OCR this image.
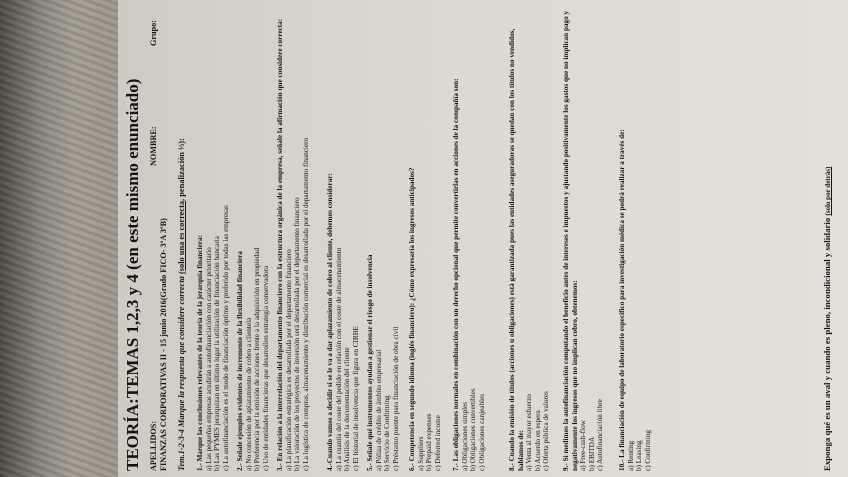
TEORÍA:TEMAS 1,2,3 y 4 (en este mismo enunciado) APELLIDOS:
NOMBRE:
Grupo:
FINANZAS CORPORATIVAS II - 15 junio 2016(Grado FICO- 3ºA 3ºB) Tem.1-2-3-4 Marque la respuesta que considere correcta (solo una es correcta, penalización ⅓):
1.- Marque las conclusiones relevantes de la teoría de la jerarquía financiera: a) Las pequeñas empresas acudirán a autofinanciación con carácter prioritario b) Las PYMES jerarquizan en último lugar la utilización de financiación bancaria c) La autofinanciación es el modo de financiación óptimo y preferido por todas las empresas 2.- Señale ejemplos evidentes de incremento de la flexibilidad financiera a) No concesión de aplazamiento de cobro a clientela b) Preferencia por la emisión de acciones frente a la adquisición en propiedad c) Uso de entidades financieras que desarrollen estrategia conservadora 3.- En relación a la interrelación del departamento financiero con la estructura orgánica de la empresa, señale la afirmación que considere correcta: a) La planificación estratégica es desarrollada por el departamento financiero b) La valoración de los proyectos de inversión será desarrollada por el departamento financiero c) La logística de compras, almacenamiento y distribución comercial es desarrollada por el departamento financiero 4.-Cuando vamos a decidir si se le va a dar aplazamiento de cobro al cliente, debemos considerar: a) La cuantía del coste del pedido en relación con el coste de almacenamiento b) Análisis de la documentación del cliente c) El historial de insolvencia que figura en CIRBE 5.- Señale qué instrumentos ayudan a gestionar el riesgo de insolvencia a) Póliza de crédito de ámbito empresarial b) Servicio de Confirming c) Préstamo puente para financiación de obra civil 6.- Competencia en segundo idioma (inglés financiero): ¿Cómo expresaría los ingresos anticipados? a) Suppliers b) Prepaid expenses c) Deferred income 7.- Las obligaciones normales en combinación con un derecho opcional que permite convertirlas en acciones de la compañía son: a) Obligaciones simples b) Obligaciones convertibles c) Obligaciones canjeables	8.- Cuando la emisión de títulos (acciones u obligaciones) está garantizada pues las entidades aseguradoras se quedan con los títulos no vendidos, hablamos de: a) Venta al mayor esfuerzo b) Acuerdo en espera c) Oferta pública de valores 9.- Si medimos la autofinanciación computando el beneficio antes de intereses e impuestos y ajustando positivamente los gastos que no implican pago y negativamente los ingresos que no implican cobro, obtenemos: a) Free-cash-flow b) EBITDA c) Autofinanciación libre 10.- La financiación de equipo de laboratorio específico para investigación médica se podrá realizar a través de: a) Renting b) Leasing c) Confirming	Exponga qué es un aval y cuando es pleno, incondicional y solidario (solo por detrás)
